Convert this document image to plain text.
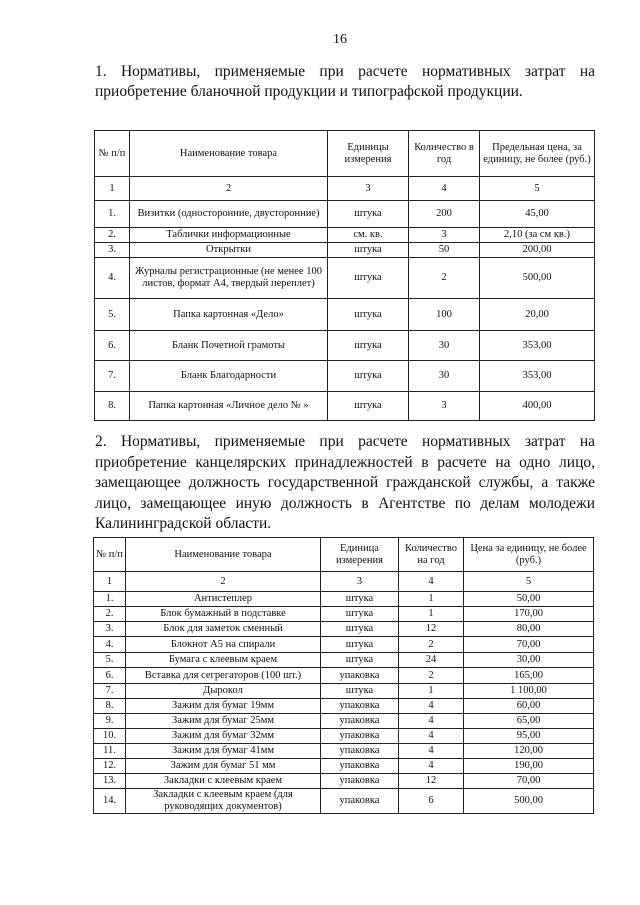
16
1. Нормативы, применяемые при расчете нормативных затрат на приобретение бланочной продукции и типографской продукции.
№ п/п	Наименование товара	Единицы измерения	Количество в год	Предельная цена, за единицу, не более (руб.)
1	2	3	4	5
1.	Визитки (односторонние, двусторонние)	штука	200	45,00
2.	Таблички информационные	см. кв.	3	2,10 (за см кв.)
3.	Открытки	штука	50	200,00
4.	Журналы регистрационные (не менее 100 листов, формат А4, твердый переплет)	штука	2	500,00
5.	Папка картонная «Дело»	штука	100	20,00
6.	Бланк Почетной грамоты	штука	30	353,00
7.	Бланк Благодарности	штука	30	353,00
8.	Папка картонная «Личное дело № »	штука	3	400,00
2. Нормативы, применяемые при расчете нормативных затрат на приобретение канцелярских принадлежностей в расчете на одно лицо, замещающее должность государственной гражданской службы, а также лицо, замещающее иную должность в Агентстве по делам молодежи Калининградской области.
№ п/п	Наименование товара	Единица измерения	Количество на год	Цена за единицу, не более (руб.)
1	2	3	4	5
1.	Антистеплер	штука	1	50,00
2.	Блок бумажный в подставке	штука	1	170,00
3.	Блок для заметок сменный	штука	12	80,00
4.	Блокнот А5 на спирали	штука	2	70,00
5.	Бумага с клеевым краем	штука	24	30,00
6.	Вставка для сегрегаторов (100 шт.)	упаковка	2	165,00
7.	Дырокол	штука	1	1 100,00
8.	Зажим для бумаг 19мм	упаковка	4	60,00
9.	Зажим для бумаг 25мм	упаковка	4	65,00
10.	Зажим для бумаг 32мм	упаковка	4	95,00
11.	Зажим для бумаг 41мм	упаковка	4	120,00
12.	Зажим для бумаг 51 мм	упаковка	4	190,00
13.	Закладки с клеевым краем	упаковка	12	70,00
14.	Закладки с клеевым краем (для руководящих документов)	упаковка	6	500,00
